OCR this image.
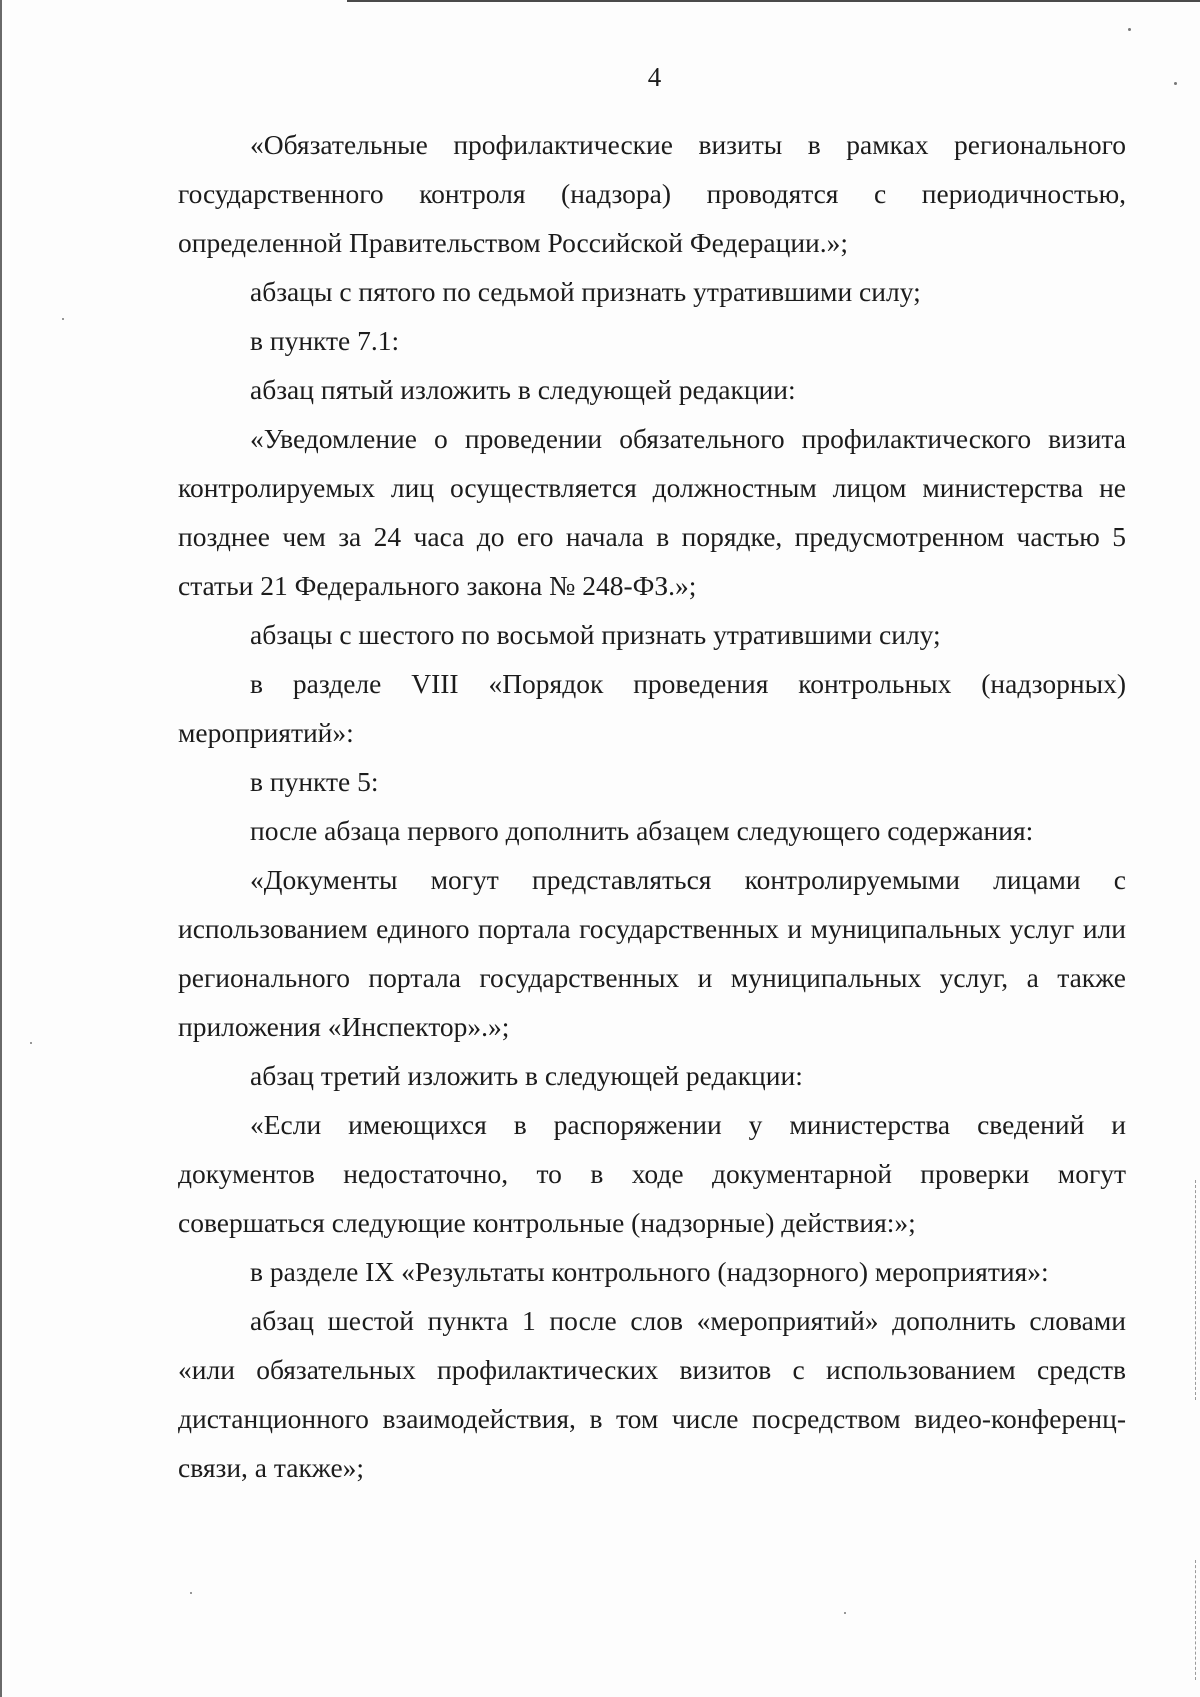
4

«Обязательные профилактические визиты в рамках регионального государственного контроля (надзора) проводятся с периодичностью, определенной Правительством Российской Федерации.»;

абзацы с пятого по седьмой признать утратившими силу;

в пункте 7.1:

абзац пятый изложить в следующей редакции:

«Уведомление о проведении обязательного профилактического визита контролируемых лиц осуществляется должностным лицом министерства не позднее чем за 24 часа до его начала в порядке, предусмотренном частью 5 статьи 21 Федерального закона № 248-ФЗ.»;

абзацы с шестого по восьмой признать утратившими силу;

в разделе VIII «Порядок проведения контрольных (надзорных) мероприятий»:

в пункте 5:

после абзаца первого дополнить абзацем следующего содержания:

«Документы могут представляться контролируемыми лицами с использованием единого портала государственных и муниципальных услуг или регионального портала государственных и муниципальных услуг, а также приложения «Инспектор».»;

абзац третий изложить в следующей редакции:

«Если имеющихся в распоряжении у министерства сведений и документов недостаточно, то в ходе документарной проверки могут совершаться следующие контрольные (надзорные) действия:»;

в разделе IX «Результаты контрольного (надзорного) мероприятия»:

абзац шестой пункта 1 после слов «мероприятий» дополнить словами «или обязательных профилактических визитов с использованием средств дистанционного взаимодействия, в том числе посредством видео-конференц-связи, а также»;
